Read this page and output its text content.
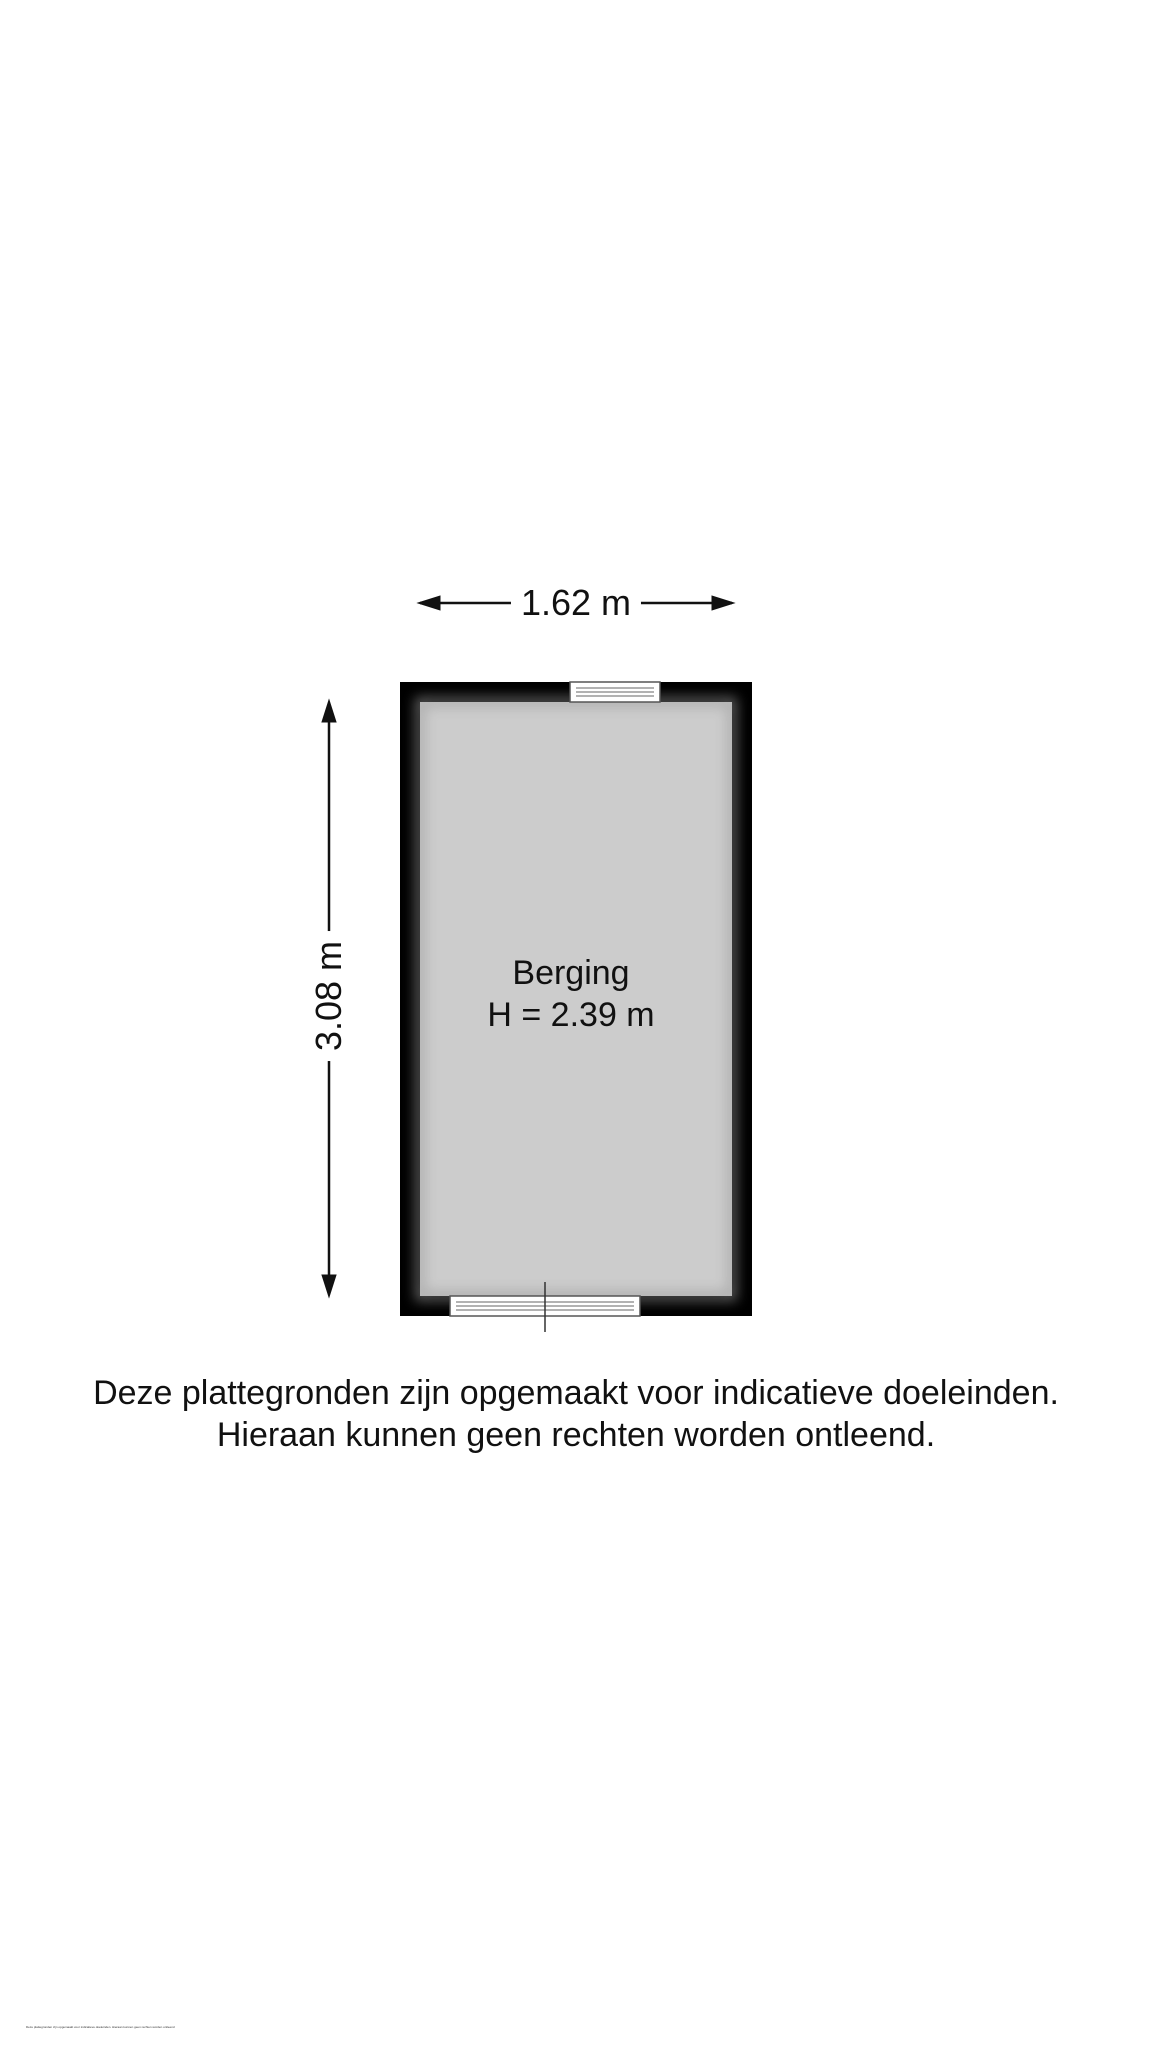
1.62 m
3.08 m	Berging
H = 2.39 m
Deze plattegronden zijn opgemaakt voor indicatieve doeleinden.
Hieraan kunnen geen rechten worden ontleend.
Deze plattegronden zijn opgemaakt voor indicatieve doeleinden. Hieraan kunnen geen rechten worden ontleend
